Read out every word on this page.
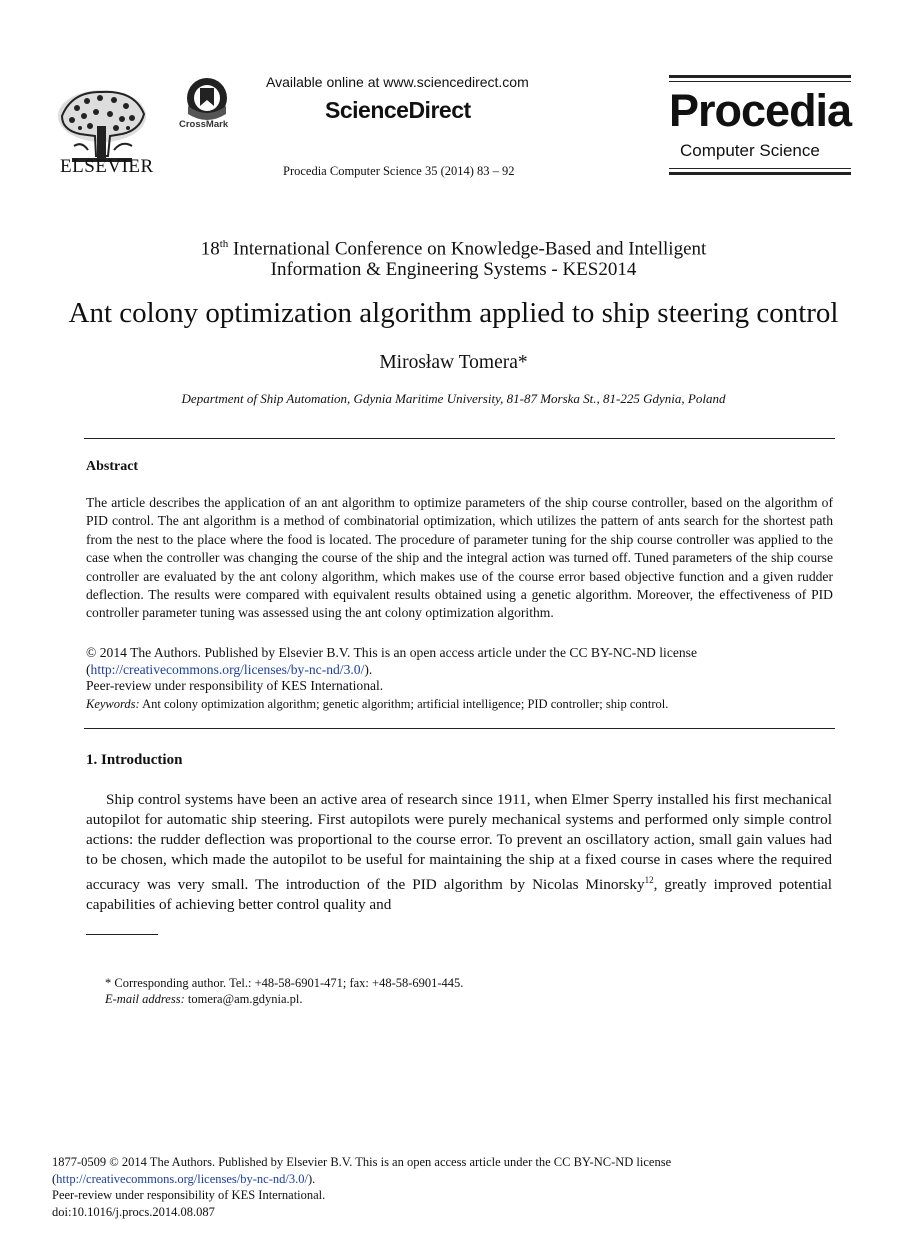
ELSEVIER
CrossMark
Available online at www.sciencedirect.com
ScienceDirect
Procedia Computer Science 35 (2014) 83 – 92
Procedia
Computer Science
18th International Conference on Knowledge-Based and Intelligent
Information & Engineering Systems - KES2014
Ant colony optimization algorithm applied to ship steering control
Mirosław Tomera*
Department of Ship Automation, Gdynia Maritime University, 81-87 Morska St., 81-225 Gdynia, Poland
Abstract
The article describes the application of an ant algorithm to optimize parameters of the ship course controller, based on the algorithm of PID control. The ant algorithm is a method of combinatorial optimization, which utilizes the pattern of ants search for the shortest path from the nest to the place where the food is located. The procedure of parameter tuning for the ship course controller was applied to the case when the controller was changing the course of the ship and the integral action was turned off. Tuned parameters of the ship course controller are evaluated by the ant colony algorithm, which makes use of the course error based objective function and a given rudder deflection. The results were compared with equivalent results obtained using a genetic algorithm. Moreover, the effectiveness of PID controller parameter tuning was assessed using the ant colony optimization algorithm.
© 2014 The Authors. Published by Elsevier B.V. This is an open access article under the CC BY-NC-ND license
(http://creativecommons.org/licenses/by-nc-nd/3.0/).
Peer-review under responsibility of KES International.
Keywords: Ant colony optimization algorithm; genetic algorithm; artificial intelligence; PID controller; ship control.
1. Introduction
Ship control systems have been an active area of research since 1911, when Elmer Sperry installed his first mechanical autopilot for automatic ship steering. First autopilots were purely mechanical systems and performed only simple control actions: the rudder deflection was proportional to the course error. To prevent an oscillatory action, small gain values had to be chosen, which made the autopilot to be useful for maintaining the ship at a fixed course in cases where the required accuracy was very small. The introduction of the PID algorithm by Nicolas Minorsky$^{12}$, greatly improved potential capabilities of achieving better control quality and
* Corresponding author. Tel.: +48-58-6901-471; fax: +48-58-6901-445.
E-mail address: tomera@am.gdynia.pl.
1877-0509 © 2014 The Authors. Published by Elsevier B.V. This is an open access article under the CC BY-NC-ND license
(http://creativecommons.org/licenses/by-nc-nd/3.0/).
Peer-review under responsibility of KES International.
doi:10.1016/j.procs.2014.08.087
